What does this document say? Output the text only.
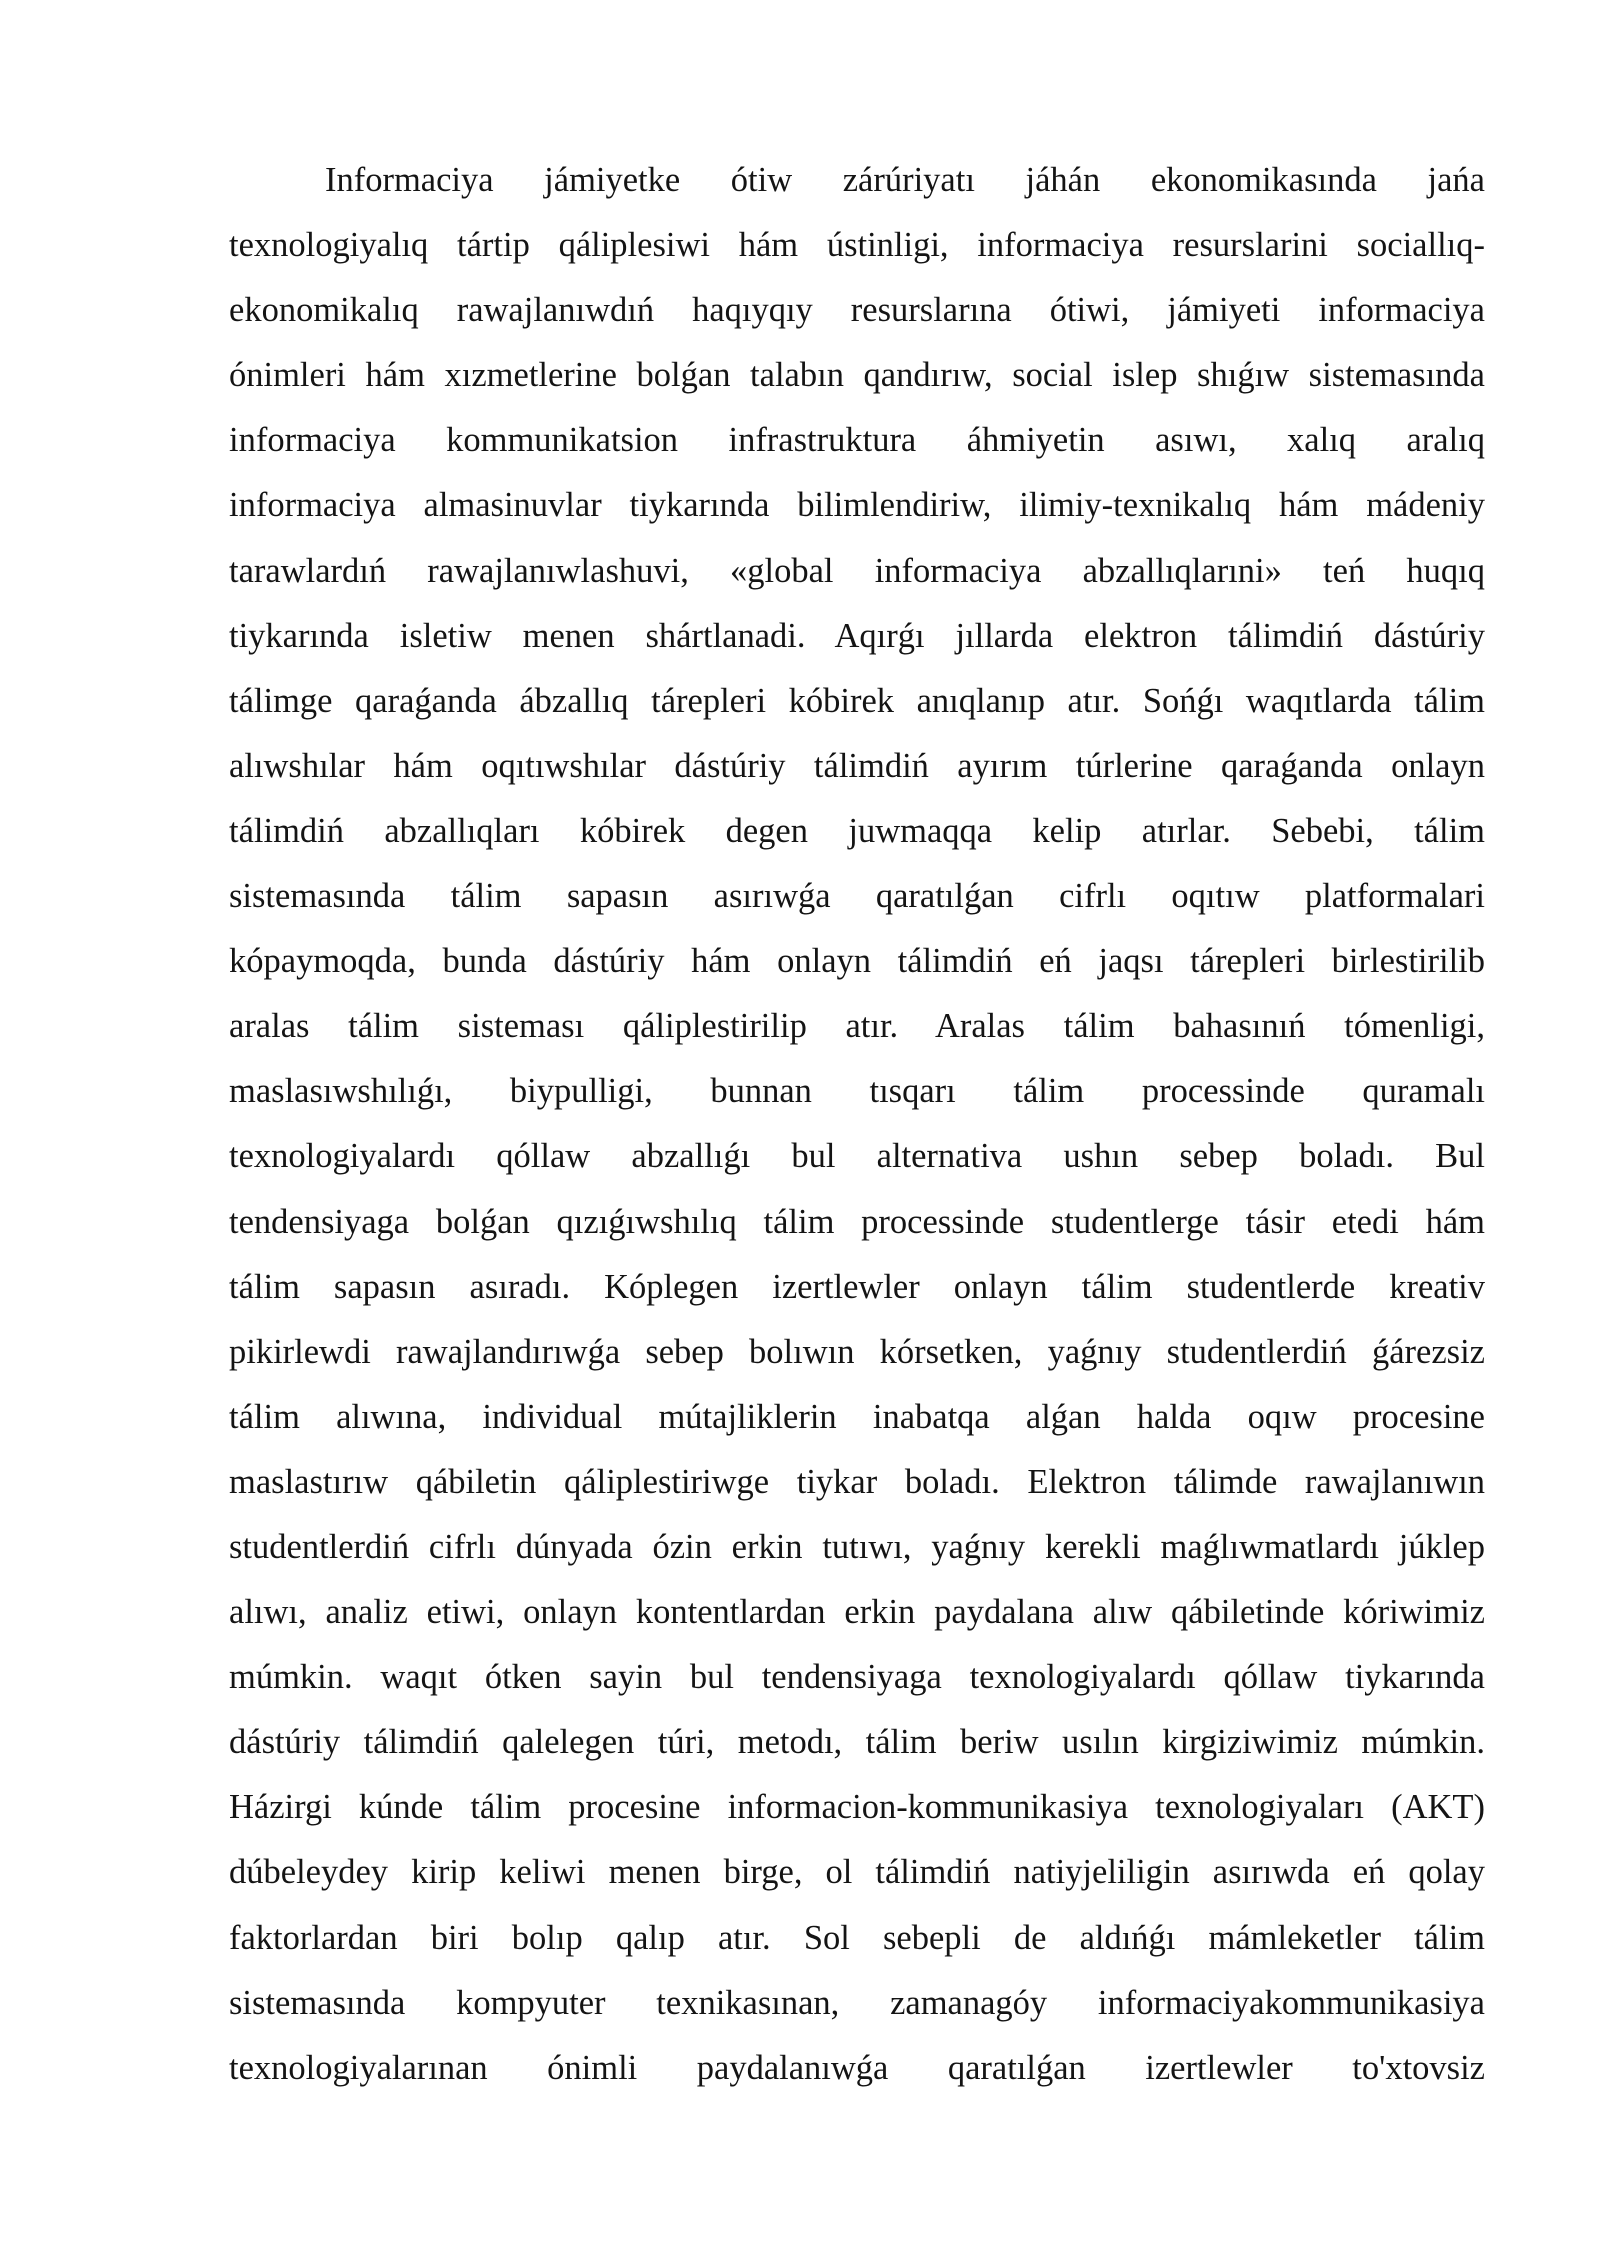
Informaciya jámiyetke ótiw zárúriyatı jáhán ekonomikasında jańa
texnologiyalıq tártip qáliplesiwi hám ústinligi, informaciya resurslarini sociallıq-
ekonomikalıq rawajlanıwdıń haqıyqıy resurslarına ótiwi, jámiyeti informaciya
ónimleri hám xızmetlerine bolǵan talabın qandırıw, social islep shıǵıw sistemasında
informaciya kommunikatsion infrastruktura áhmiyetin asıwı, xalıq aralıq
informaciya almasinuvlar tiykarında bilimlendiriw, ilimiy-texnikalıq hám mádeniy
tarawlardıń rawajlanıwlashuvi, «global informaciya abzallıqlarıni» teń huqıq
tiykarında isletiw menen shártlanadi. Aqırǵı jıllarda elektron tálimdiń dástúriy
tálimge qaraǵanda ábzallıq tárepleri kóbirek anıqlanıp atır. Sońǵı waqıtlarda tálim
alıwshılar hám oqıtıwshılar dástúriy tálimdiń ayırım túrlerine qaraǵanda onlayn
tálimdiń abzallıqları kóbirek degen juwmaqqa kelip atırlar. Sebebi, tálim
sistemasında tálim sapasın asırıwǵa qaratılǵan cifrlı oqıtıw platformalari
kópaymoqda, bunda dástúriy hám onlayn tálimdiń eń jaqsı tárepleri birlestirilib
aralas tálim sisteması qáliplestirilip atır. Aralas tálim bahasınıń tómenligi,
maslasıwshılıǵı, biypulligi, bunnan tısqarı tálim processinde quramalı
texnologiyalardı qóllaw abzallıǵı bul alternativa ushın sebep boladı. Bul
tendensiyaga bolǵan qızıǵıwshılıq tálim processinde studentlerge tásir etedi hám
tálim sapasın asıradı. Kóplegen izertlewler onlayn tálim studentlerde kreativ
pikirlewdi rawajlandırıwǵa sebep bolıwın kórsetken, yaǵnıy studentlerdiń ǵárezsiz
tálim alıwına, individual mútajliklerin inabatqa alǵan halda oqıw procesine
maslastırıw qábiletin qáliplestiriwge tiykar boladı. Elektron tálimde rawajlanıwın
studentlerdiń cifrlı dúnyada ózin erkin tutıwı, yaǵnıy kerekli maǵlıwmatlardı júklep
alıwı, analiz etiwi, onlayn kontentlardan erkin paydalana alıw qábiletinde kóriwimiz
múmkin. waqıt ótken sayin bul tendensiyaga texnologiyalardı qóllaw tiykarında
dástúriy tálimdiń qalelegen túri, metodı, tálim beriw usılın kirgiziwimiz múmkin.
Házirgi kúnde tálim procesine informacion-kommunikasiya texnologiyaları (AKT)
dúbeleydey kirip keliwi menen birge, ol tálimdiń natiyjeliligin asırıwda eń qolay
faktorlardan biri bolıp qalıp atır. Sol sebepli de aldıńǵı mámleketler tálim
sistemasında kompyuter texnikasınan, zamanagóy informaciyakommunikasiya
texnologiyalarınan ónimli paydalanıwǵa qaratılǵan izertlewler to'xtovsiz
